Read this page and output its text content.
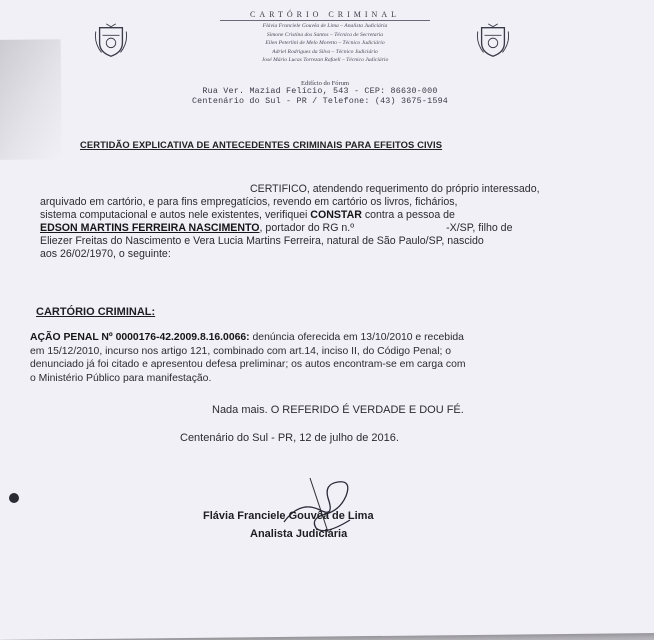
CARTÓRIO CRIMINAL
Flávia Franciele Gouvêa de Lima – Analista Judiciária
Simone Cristina dos Santos – Técnica de Secretaria
Ellen Peterlini de Melo Moretto – Técnico Judiciário
Adriel Rodrigues da Silva – Técnico Judiciário
José Mário Lucas Torrezan Rafaeli – Técnico Judiciário
Edifício do Fórum
Rua Ver. Maziad Felício, 543 - CEP: 86630-000
Centenário do Sul - PR / Telefone: (43) 3675-1594
CERTIDÃO EXPLICATIVA DE ANTECEDENTES CRIMINAIS PARA EFEITOS CIVIS
CERTIFICO, atendendo requerimento do próprio interessado,
arquivado em cartório, e para fins empregatícios, revendo em cartório os livros, fichários,
sistema computacional e autos nele existentes, verifiquei CONSTAR contra a pessoa de
EDSON MARTINS FERREIRA NASCIMENTO, portador do RG n.º	-X/SP, filho de
Eliezer Freitas do Nascimento e Vera Lucia Martins Ferreira, natural de São Paulo/SP, nascido
aos 26/02/1970, o seguinte:
CARTÓRIO CRIMINAL:
AÇÃO PENAL Nº 0000176-42.2009.8.16.0066: denúncia oferecida em 13/10/2010 e recebida
em 15/12/2010, incurso nos artigo 121, combinado com art.14, inciso II, do Código Penal; o
denunciado já foi citado e apresentou defesa preliminar; os autos encontram-se em carga com
o Ministério Público para manifestação.
Nada mais. O REFERIDO É VERDADE E DOU FÉ.
Centenário do Sul - PR, 12 de julho de 2016.
Flávia Franciele Gouvêa de Lima
Analista Judiciária
